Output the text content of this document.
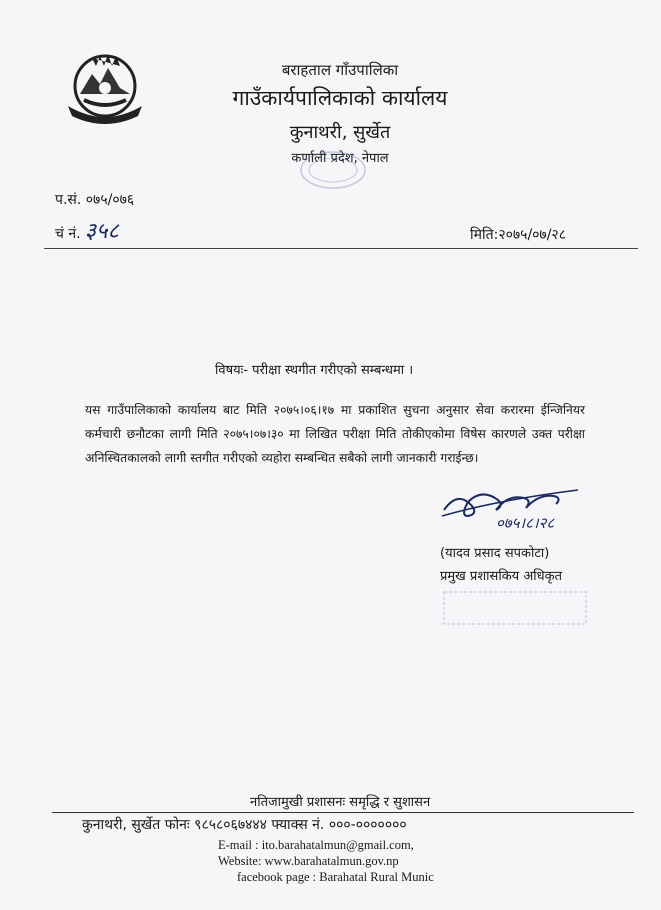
बराहताल गाँउपालिका
गाउँकार्यपालिकाको कार्यालय
कुनाथरी, सुर्खेत
कर्णाली प्रदेश, नेपाल
प.सं. ०७५/०७६
चं नं. ३५८	मिति:२०७५/०७/२८
विषयः- परीक्षा स्थगीत गरीएको सम्बन्धमा ।
यस गाउँपालिकाको कार्यालय बाट मिति २०७५।०६।१७ मा प्रकाशित सुचना अनुसार सेवा करारमा ईन्जिनियर कर्मचारी छनौटका लागी मिति २०७५।०७।३० मा लिखित परीक्षा मिति तोकीएकोमा विषेस कारणले उक्त परीक्षा अनिस्चितकालको लागी स्तगीत गरीएको व्यहोरा सम्बन्धित सबैको लागी जानकारी गराईन्छ।
०७५।८।२८
(यादव प्रसाद सपकोटा)
प्रमुख प्रशासकिय अधिकृत
नतिजामुखी प्रशासनः समृद्धि र सुशासन
कुनाथरी, सुर्खेत फोनः ९८५८०६७४४४ फ्याक्स नं. ०००-०००००००
E-mail : ito.barahatalmun@gmail.com,
Website: www.barahatalmun.gov.np
facebook page : Barahatal Rural Munic
